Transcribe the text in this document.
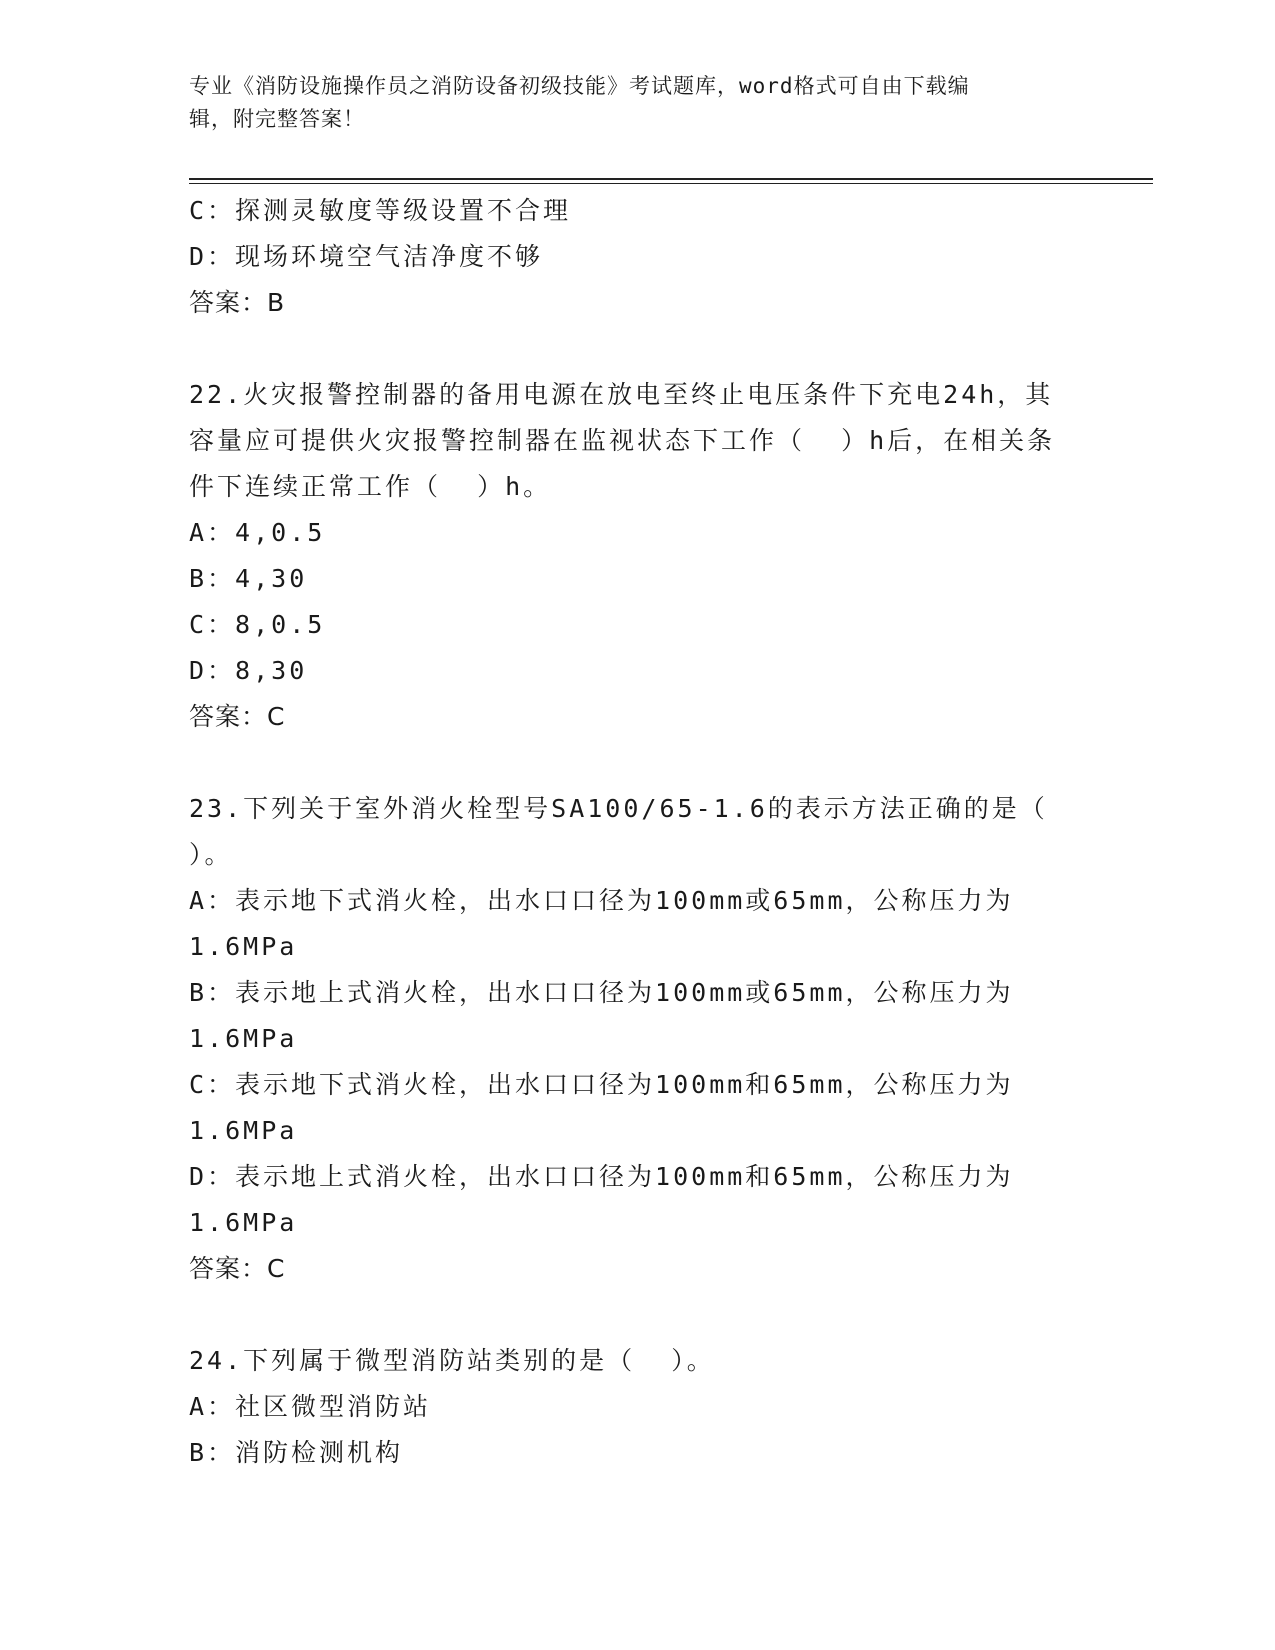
专业《消防设施操作员之消防设备初级技能》考试题库，word格式可自由下载编
辑，附完整答案！
C：探测灵敏度等级设置不合理
D：现场环境空气洁净度不够
答案：B
22.火灾报警控制器的备用电源在放电至终止电压条件下充电24h，其
容量应可提供火灾报警控制器在监视状态下工作（  ）h后，在相关条
件下连续正常工作（  ）h。
A：4,0.5
B：4,30
C：8,0.5
D：8,30
答案：C
23.下列关于室外消火栓型号SA100/65-1.6的表示方法正确的是（
）。
A：表示地下式消火栓，出水口口径为100mm或65mm，公称压力为
1.6MPa
B：表示地上式消火栓，出水口口径为100mm或65mm，公称压力为
1.6MPa
C：表示地下式消火栓，出水口口径为100mm和65mm，公称压力为
1.6MPa
D：表示地上式消火栓，出水口口径为100mm和65mm，公称压力为
1.6MPa
答案：C
24.下列属于微型消防站类别的是（  ）。
A：社区微型消防站
B：消防检测机构
